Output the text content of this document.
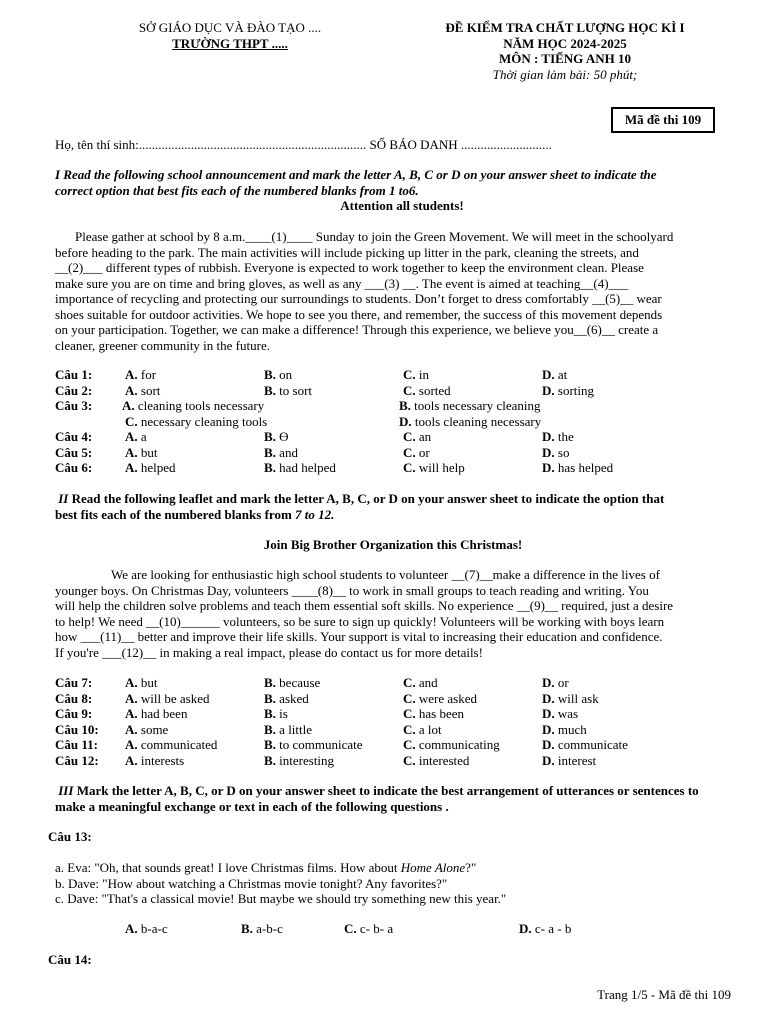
SỞ GIÁO DỤC VÀ ĐÀO TẠO ....
TRƯỜNG THPT .....
ĐỀ KIỂM TRA CHẤT LƯỢNG HỌC KÌ I
NĂM HỌC 2024-2025
MÔN : TIẾNG ANH 10
Thời gian làm bài: 50 phút;
Mã đề thi 109
Họ, tên thí sinh:...................................................................... SỐ BÁO DANH ............................
I Read the following school announcement and mark the letter A, B, C or D on your answer sheet to indicate the
correct option that best fits each of the numbered blanks from 1 to6.
Attention all students!
Please gather at school by 8 a.m.____(1)____ Sunday to join the Green Movement. We will meet in the schoolyard
before heading to the park. The main activities will include picking up litter in the park, cleaning the streets, and
__(2)___ different types of rubbish. Everyone is expected to work together to keep the environment clean. Please
make sure you are on time and bring gloves, as well as any ___(3) __. The event is aimed at teaching__(4)___
importance of recycling and protecting our surroundings to students. Don’t forget to dress comfortably __(5)__ wear
shoes suitable for outdoor activities. We hope to see you there, and remember, the success of this movement depends
on your participation. Together, we can make a difference! Through this experience, we believe you__(6)__ create a
cleaner, greener community in the future.
Câu 1:	A. for	B. on	C. in	D. at
Câu 2:	A. sort	B. to sort	C. sorted	D. sorting
Câu 3: A. cleaning tools necessary	B. tools necessary cleaning
C. necessary cleaning tools	D. tools cleaning necessary
Câu 4:	A. a	B. Ө	C. an	D. the
Câu 5:	A. but	B. and	C. or	D. so
Câu 6:	A. helped	B. had helped	C. will help	D. has helped
II Read the following leaflet and mark the letter A, B, C, or D on your answer sheet to indicate the option that
best fits each of the numbered blanks from 7 to 12.
Join Big Brother Organization this Christmas!
We are looking for enthusiastic high school students to volunteer __(7)__make a difference in the lives of
younger boys. On Christmas Day, volunteers ____(8)__ to work in small groups to teach reading and writing. You
will help the children solve problems and teach them essential soft skills. No experience __(9)__ required, just a desire
to help! We need __(10)______ volunteers, so be sure to sign up quickly! Volunteers will be working with boys learn
how ___(11)__ better and improve their life skills. Your support is vital to increasing their education and confidence.
If you're ___(12)__ in making a real impact, please do contact us for more details!
Câu 7:	A. but	B. because	C. and	D. or
Câu 8:	A. will be asked	B. asked	C. were asked	D. will ask
Câu 9:	A. had been	B. is	C. has been	D. was
Câu 10: A. some	B. a little	C. a lot	D. much
Câu 11: A. communicated	B. to communicate	C. communicating	D. communicate
Câu 12: A. interests	B. interesting	C. interested	D. interest
III Mark the letter A, B, C, or D on your answer sheet to indicate the best arrangement of utterances or sentences to
make a meaningful exchange or text in each of the following questions .
Câu 13:
a. Eva: "Oh, that sounds great! I love Christmas films. How about Home Alone?"
b. Dave: "How about watching a Christmas movie tonight? Any favorites?"
c. Dave: "That's a classical movie! But maybe we should try something new this year."
A. b-a-c	B. a-b-c	C. c- b- a	D. c- a - b
Câu 14:
Trang 1/5 - Mã đề thi 109
